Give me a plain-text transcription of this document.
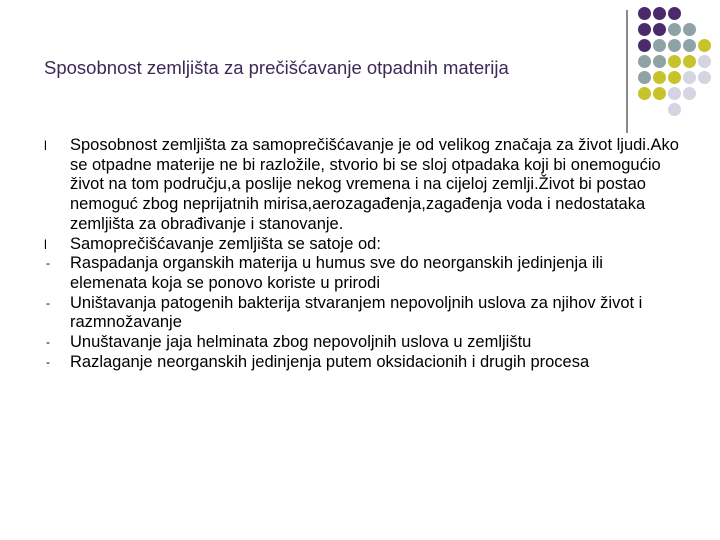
Sposobnost zemljišta za prečišćavanje otpadnih materija
l Sposobnost zemljišta za samoprečišćavanje je od velikog značaja za život ljudi.Ako se otpadne materije ne bi razložile, stvorio bi se sloj otpadaka koji bi onemogućio život na tom području,a poslije nekog vremena i na cijeloj zemlji.Život bi postao nemoguć zbog neprijatnih mirisa,aerozagađenja,zagađenja voda i nedostataka zemljišta za obrađivanje i stanovanje.
l Samoprečišćavanje zemljišta se satoje od:
- Raspadanja organskih materija u humus sve do neorganskih jedinjenja ili elemenata koja se ponovo koriste u prirodi
- Uništavanja patogenih bakterija stvaranjem nepovoljnih uslova za njihov život i razmnožavanje
- Unuštavanje jaja helminata zbog nepovoljnih uslova u zemljištu
- Razlaganje neorganskih jedinjenja putem oksidacionih i drugih procesa
